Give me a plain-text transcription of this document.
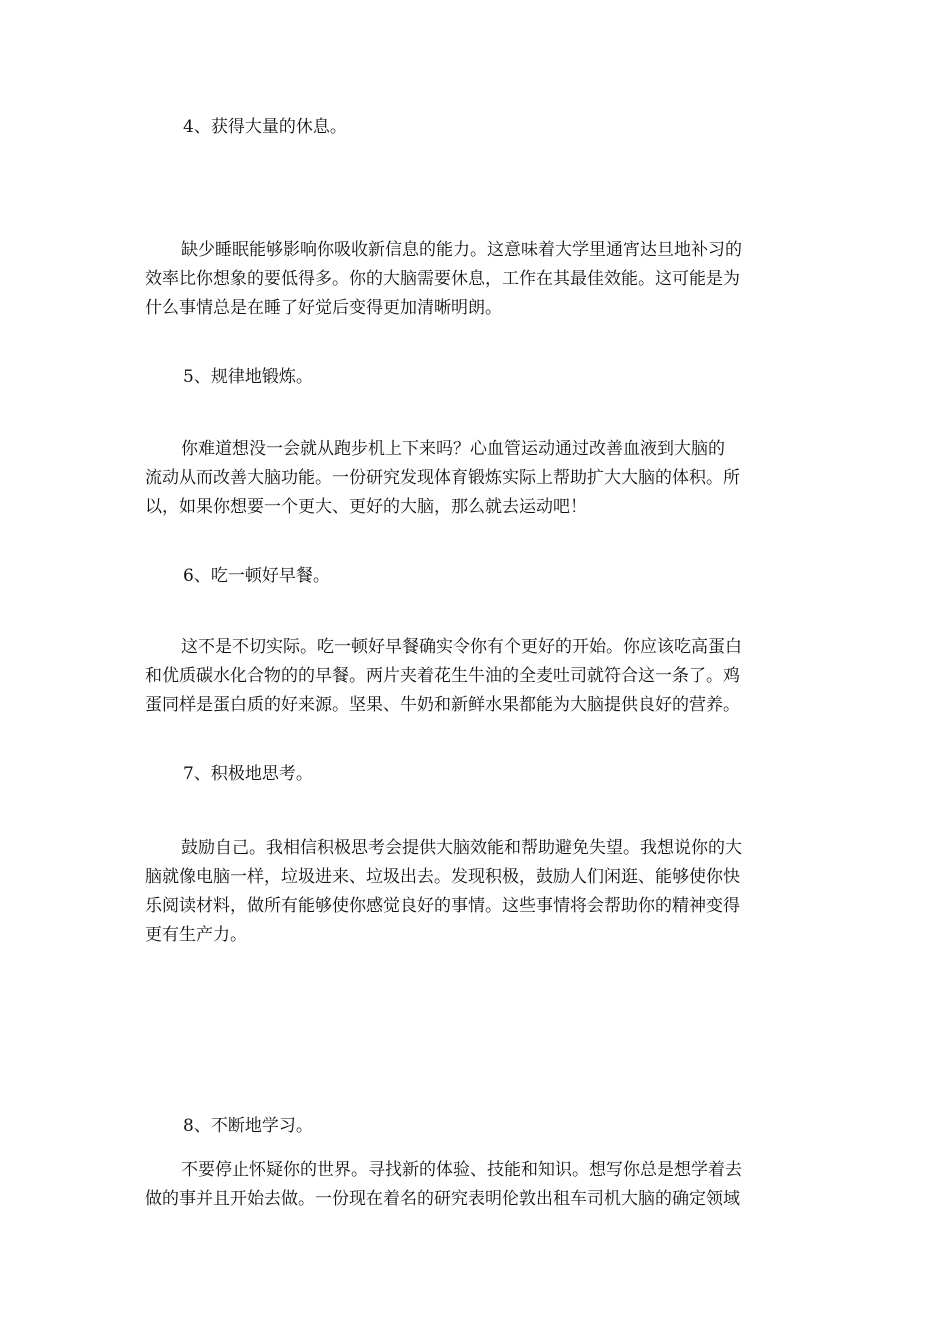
4、获得大量的休息。
缺少睡眠能够影响你吸收新信息的能力。这意味着大学里通宵达旦地补习的
效率比你想象的要低得多。你的大脑需要休息，工作在其最佳效能。这可能是为
什么事情总是在睡了好觉后变得更加清晰明朗。
5、规律地锻炼。
你难道想没一会就从跑步机上下来吗？心血管运动通过改善血液到大脑的
流动从而改善大脑功能。一份研究发现体育锻炼实际上帮助扩大大脑的体积。所
以，如果你想要一个更大、更好的大脑，那么就去运动吧！
6、吃一顿好早餐。
这不是不切实际。吃一顿好早餐确实令你有个更好的开始。你应该吃高蛋白
和优质碳水化合物的的早餐。两片夹着花生牛油的全麦吐司就符合这一条了。鸡
蛋同样是蛋白质的好来源。坚果、牛奶和新鲜水果都能为大脑提供良好的营养。
7、积极地思考。
鼓励自己。我相信积极思考会提供大脑效能和帮助避免失望。我想说你的大
脑就像电脑一样，垃圾进来、垃圾出去。发现积极，鼓励人们闲逛、能够使你快
乐阅读材料，做所有能够使你感觉良好的事情。这些事情将会帮助你的精神变得
更有生产力。
8、不断地学习。
不要停止怀疑你的世界。寻找新的体验、技能和知识。想写你总是想学着去
做的事并且开始去做。一份现在着名的研究表明伦敦出租车司机大脑的确定领域
